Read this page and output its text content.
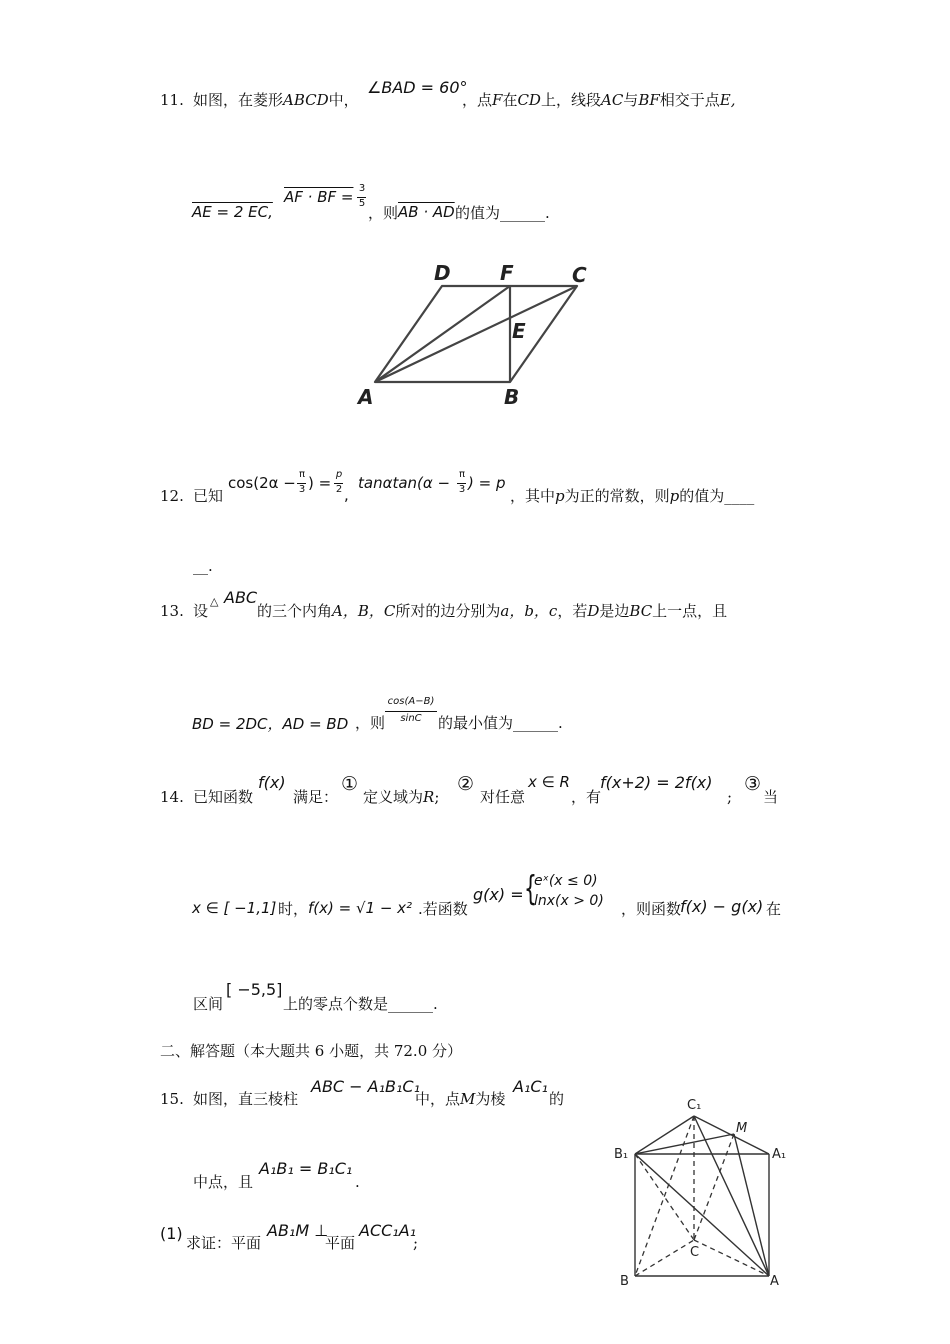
11. 如图，在菱形ABCD中，
∠BAD = 60°
，点F在CD上，线段AC与BF相交于点E,
AE = 2 EC,
AF · BF = 3
5
，则 AB · AD 的值为______.
D F	C
E
A	B
12. 已知
cos(2α − π
3 ) = p
2 ,
tanαtan(α − π
3 ) = p
，其中p为正的常数，则p的值为____
__.
13. 设
△ ABC
的三个内角A，B，C所对的边分别为a，b，c，若D是边BC上一点，且
BD = 2DC，AD = BD ，则
cos(A−B)
sinC	的最小值为______.
14. 已知函数
f(x)
满足：
①
定义域为R;
②
对任意
x ∈ R
，有
f(x+2) = 2f(x)
;
③
当
x ∈ [ −1,1] 时， f(x) = √1 − x² .若函数
g(x) = {
eˣ(x ≤ 0)
lnx(x > 0) ，则函数
f(x) − g(x) 在
区间
[ −5,5]
上的零点个数是______.
二、解答题（本大题共 6 小题，共 72.0 分）
15. 如图，直三棱柱
ABC − A₁B₁C₁
中，点M为棱
A₁C₁
的
中点，且
A₁B₁ = B₁C₁
.
(1) 求证：平面
AB₁M ⊥
平面
ACC₁A₁
;
C₁
M
B₁	A₁
C
B	A
